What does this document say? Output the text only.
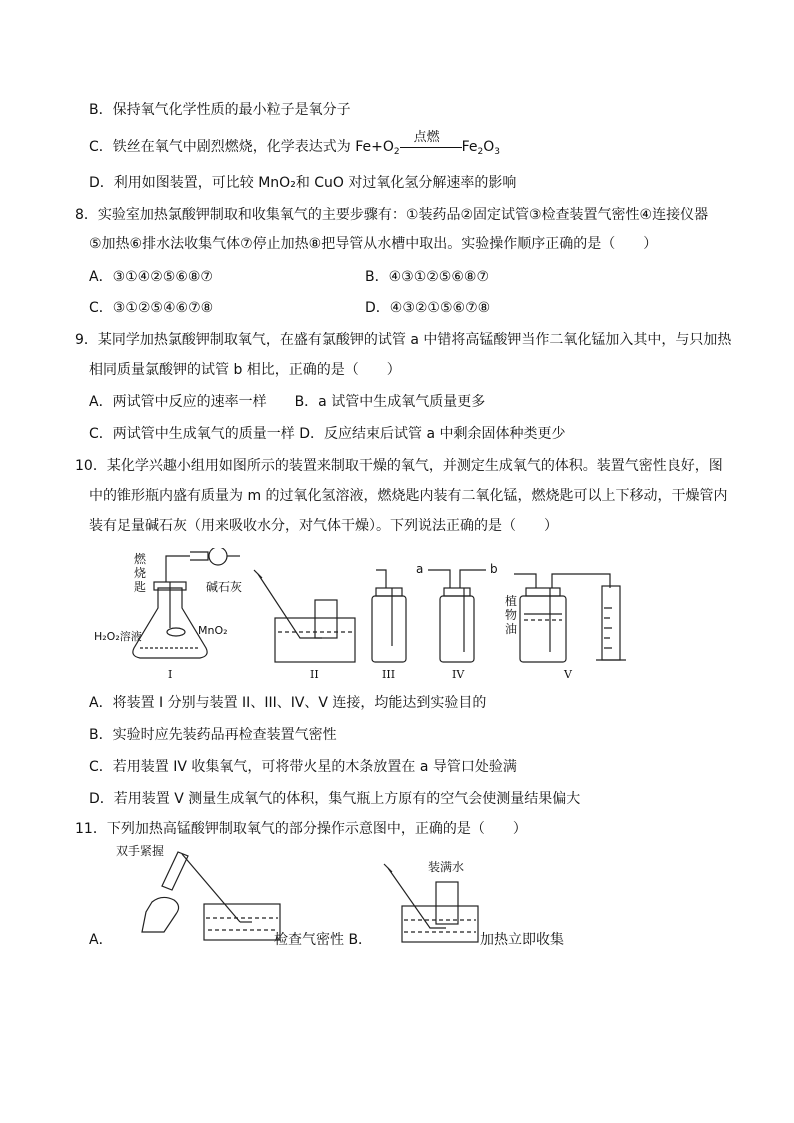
B．保持氧气化学性质的最小粒子是氧分子
C．铁丝在氧气中剧烈燃烧，化学表达式为 $Fe+O_2$
点燃
$Fe_2O_3$
D．利用如图装置，可比较 MnO₂和 CuO 对过氧化氢分解速率的影响
8．实验室加热氯酸钾制取和收集氧气的主要步骤有：①装药品②固定试管③检查装置气密性④连接仪器
⑤加热⑥排水法收集气体⑦停止加热⑧把导管从水槽中取出。实验操作顺序正确的是（　　）
A．③①④②⑤⑥⑧⑦	B．④③①②⑤⑥⑧⑦
C．③①②⑤④⑥⑦⑧	D．④③②①⑤⑥⑦⑧
9．某同学加热氯酸钾制取氧气，在盛有氯酸钾的试管 a 中错将高锰酸钾当作二氧化锰加入其中，与只加热
相同质量氯酸钾的试管 b 相比，正确的是（　　）
A．两试管中反应的速率一样　　B．a 试管中生成氧气质量更多
C．两试管中生成氧气的质量一样 D．反应结束后试管 a 中剩余固体种类更少
10．某化学兴趣小组用如图所示的装置来制取干燥的氧气，并测定生成氧气的体积。装置气密性良好，图
中的锥形瓶内盛有质量为 m 的过氧化氢溶液，燃烧匙内装有二氧化锰，燃烧匙可以上下移动，干燥管内
装有足量碱石灰（用来吸收水分，对气体干燥）。下列说法正确的是（　　）
燃烧匙	碱石灰
H₂O₂溶液	MnO₂
植物油
a	b
I	II	III	IV	V
A．将装置 I 分别与装置 II、III、IV、V 连接，均能达到实验目的
B．实验时应先装药品再检查装置气密性
C．若用装置 IV 收集氧气，可将带火星的木条放置在 a 导管口处验满
D．若用装置 V 测量生成氧气的体积，集气瓶上方原有的空气会使测量结果偏大
11．下列加热高锰酸钾制取氧气的部分操作示意图中，正确的是（　　）
双手紧握
A．	检查气密性 B．
装满水
加热立即收集
